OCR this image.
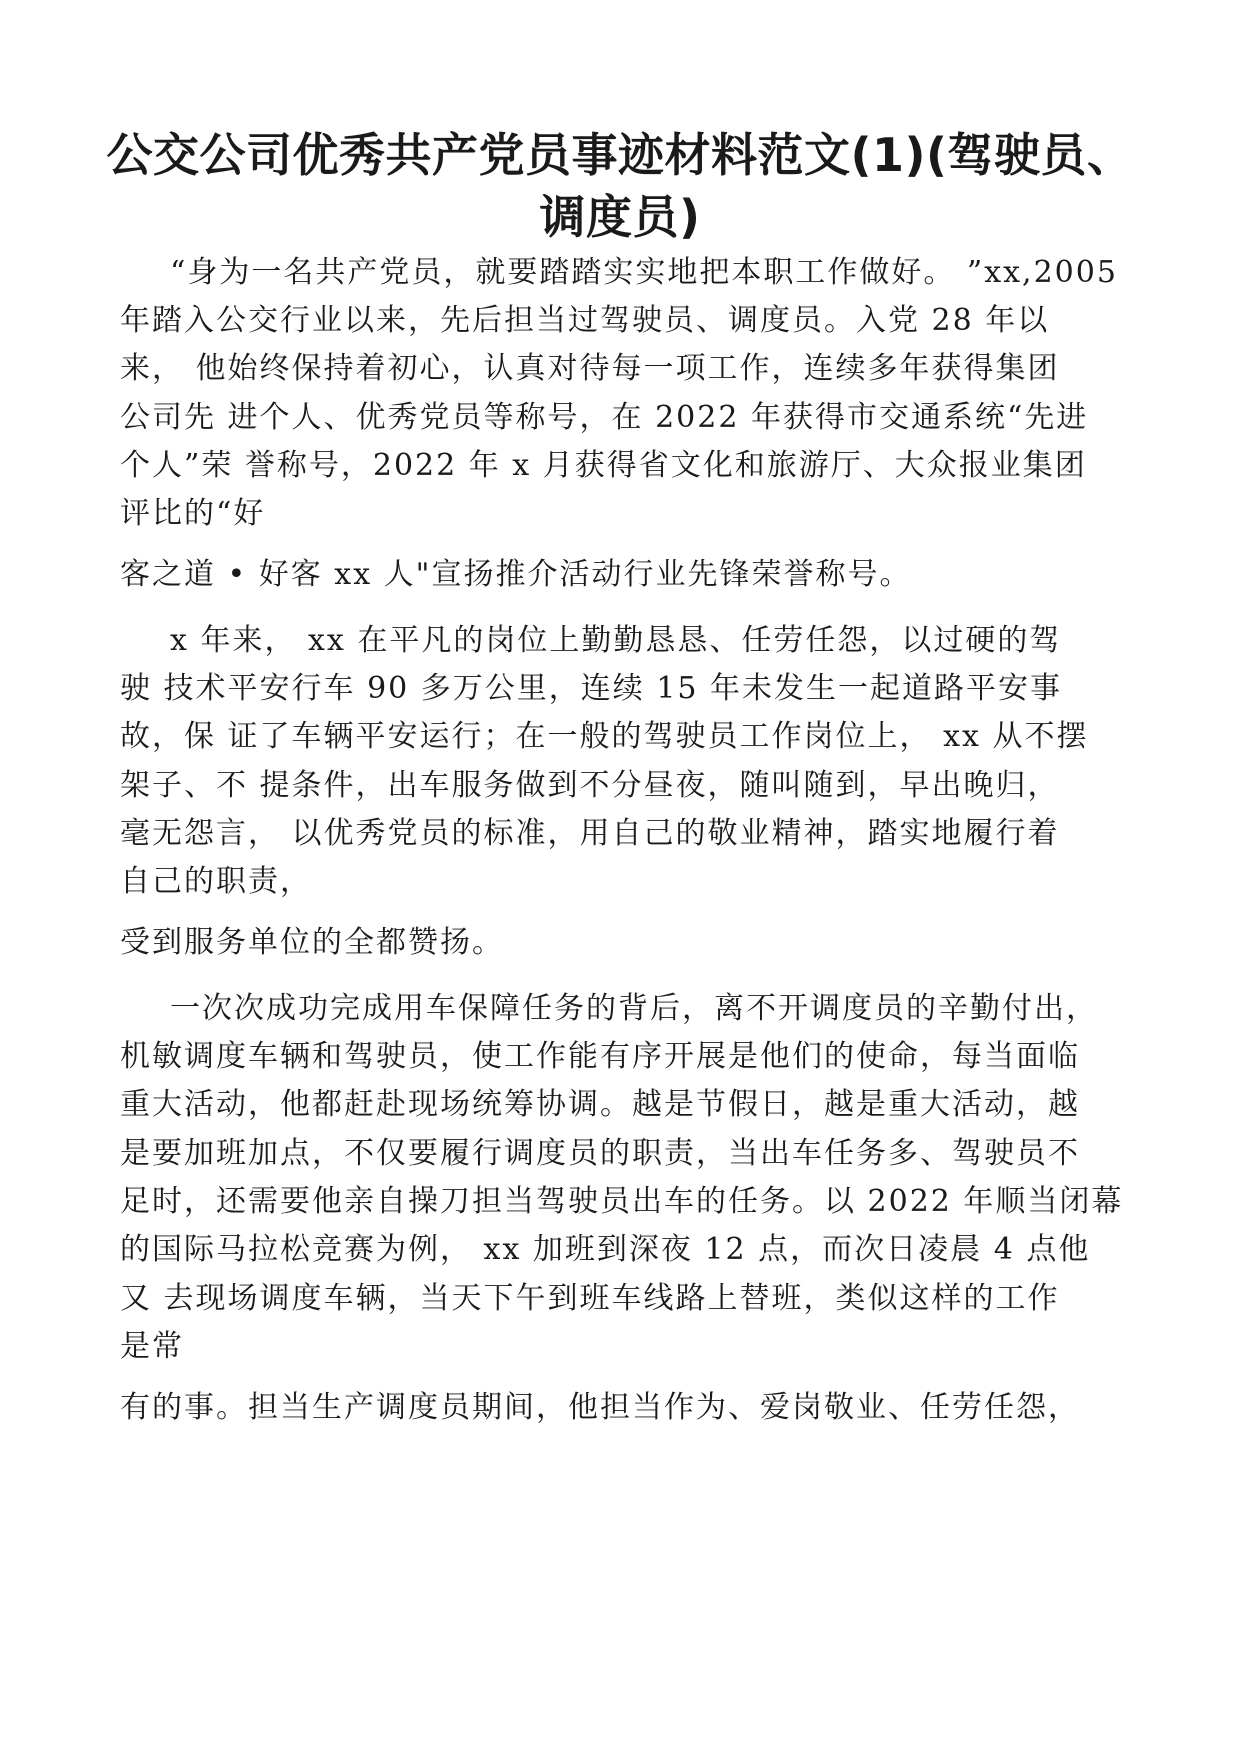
公交公司优秀共产党员事迹材料范文(1)(驾驶员、
调度员)

“身为一名共产党员，就要踏踏实实地把本职工作做好。 ”xx,2005

年踏入公交行业以来，先后担当过驾驶员、调度员。入党 28 年以

来， 他始终保持着初心，认真对待每一项工作，连续多年获得集团

公司先 进个人、优秀党员等称号，在 2022 年获得市交通系统“先进

个人”荣 誉称号，2022 年 x 月获得省文化和旅游厅、大众报业集团

评比的“好

客之道 • 好客 xx 人"宣扬推介活动行业先锋荣誉称号。

x 年来， xx 在平凡的岗位上勤勤恳恳、任劳任怨，以过硬的驾

驶 技术平安行车 90 多万公里，连续 15 年未发生一起道路平安事

故，保 证了车辆平安运行；在一般的驾驶员工作岗位上， xx 从不摆

架子、不 提条件，出车服务做到不分昼夜，随叫随到，早出晚归，

毫无怨言， 以优秀党员的标准，用自己的敬业精神，踏实地履行着

自己的职责，

受到服务单位的全都赞扬。

一次次成功完成用车保障任务的背后，离不开调度员的辛勤付出，

机敏调度车辆和驾驶员，使工作能有序开展是他们的使命，每当面临

重大活动，他都赶赴现场统筹协调。越是节假日，越是重大活动，越

是要加班加点，不仅要履行调度员的职责，当出车任务多、驾驶员不

足时，还需要他亲自操刀担当驾驶员出车的任务。以 2022 年顺当闭幕

的国际马拉松竞赛为例， xx 加班到深夜 12 点，而次日凌晨 4 点他

又 去现场调度车辆，当天下午到班车线路上替班，类似这样的工作

是常

有的事。担当生产调度员期间，他担当作为、爱岗敬业、任劳任怨，
